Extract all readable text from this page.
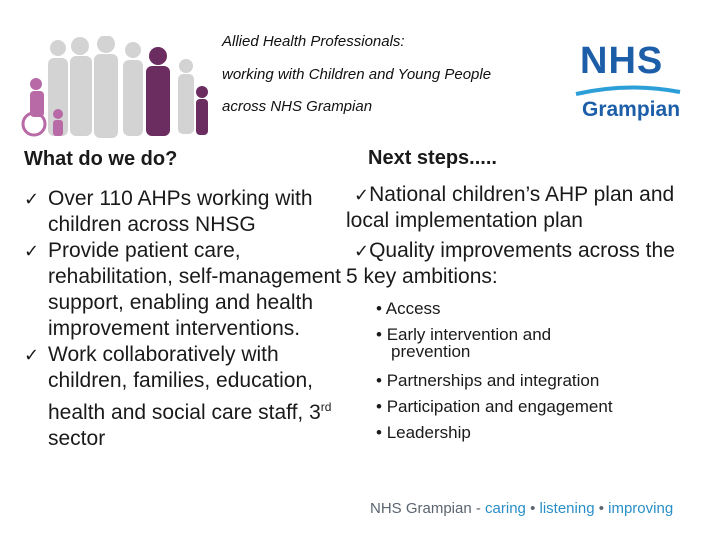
Allied Health Professionals:
working with Children and Young People
across NHS Grampian
NHS
Grampian
What do we do?
✓ Over 110 AHPs working with children across NHSG
✓ Provide patient care, rehabilitation, self-management support, enabling and health improvement interventions.
✓ Work collaboratively with children, families, education, health and social care staff, 3rd sector
Next steps.....

✓National children’s AHP plan and local implementation plan

✓Quality improvements across the 5 key ambitions:

• Access
• Early intervention and
prevention
• Partnerships and integration
• Participation and engagement
• Leadership
NHS Grampian - caring • listening • improving
